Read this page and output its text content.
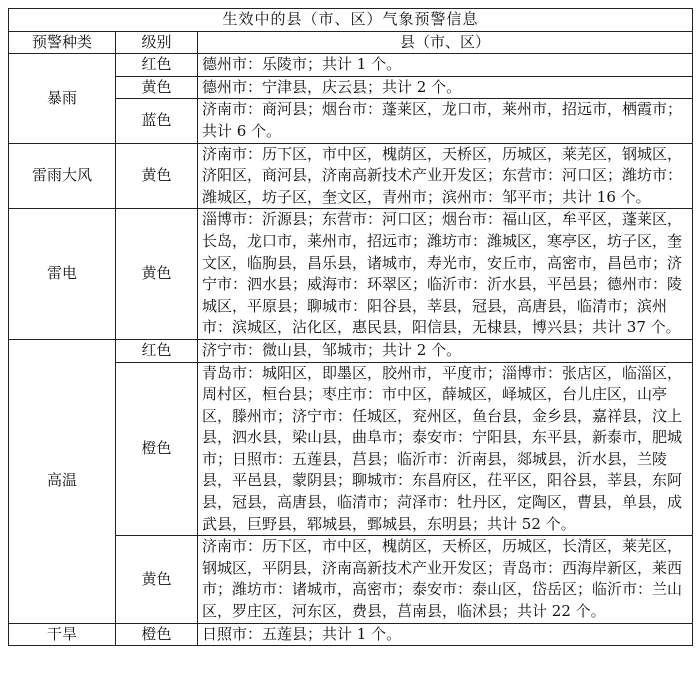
生效中的县（市、区）气象预警信息		
预警种类	级别	县（市、区）
暴雨	红色	德州市：乐陵市；共计 1 个。
	黄色	德州市：宁津县，庆云县；共计 2 个。
	蓝色	济南市：商河县；烟台市：蓬莱区，龙口市，莱州市，招远市，栖霞市；共计 6 个。
雷雨大风	黄色	济南市：历下区，市中区，槐荫区，天桥区，历城区，莱芜区，钢城区，济阳区，商河县，济南高新技术产业开发区；东营市：河口区；潍坊市：潍城区，坊子区，奎文区，青州市；滨州市：邹平市；共计 16 个。
雷电	黄色	淄博市：沂源县；东营市：河口区；烟台市：福山区，牟平区，蓬莱区，长岛，龙口市，莱州市，招远市；潍坊市：潍城区，寒亭区，坊子区，奎文区，临朐县，昌乐县，诸城市，寿光市，安丘市，高密市，昌邑市；济宁市：泗水县；威海市：环翠区；临沂市：沂水县，平邑县；德州市：陵城区，平原县；聊城市：阳谷县，莘县，冠县，高唐县，临清市；滨州市：滨城区，沾化区，惠民县，阳信县，无棣县，博兴县；共计 37 个。
高温	红色	济宁市：微山县，邹城市；共计 2 个。
	橙色	青岛市：城阳区，即墨区，胶州市，平度市；淄博市：张店区，临淄区，周村区，桓台县；枣庄市：市中区，薛城区，峄城区，台儿庄区，山亭区，滕州市；济宁市：任城区，兖州区，鱼台县，金乡县，嘉祥县，汶上县，泗水县，梁山县，曲阜市；泰安市：宁阳县，东平县，新泰市，肥城市；日照市：五莲县，莒县；临沂市：沂南县，郯城县，沂水县，兰陵县，平邑县，蒙阴县；聊城市：东昌府区，茌平区，阳谷县，莘县，东阿县，冠县，高唐县，临清市；菏泽市：牡丹区，定陶区，曹县，单县，成武县，巨野县，郓城县，鄄城县，东明县；共计 52 个。
	黄色	济南市：历下区，市中区，槐荫区，天桥区，历城区，长清区，莱芜区，钢城区，平阴县，济南高新技术产业开发区；青岛市：西海岸新区，莱西市；潍坊市：诸城市，高密市；泰安市：泰山区，岱岳区；临沂市：兰山区，罗庄区，河东区，费县，莒南县，临沭县；共计 22 个。
干旱	橙色	日照市：五莲县；共计 1 个。
